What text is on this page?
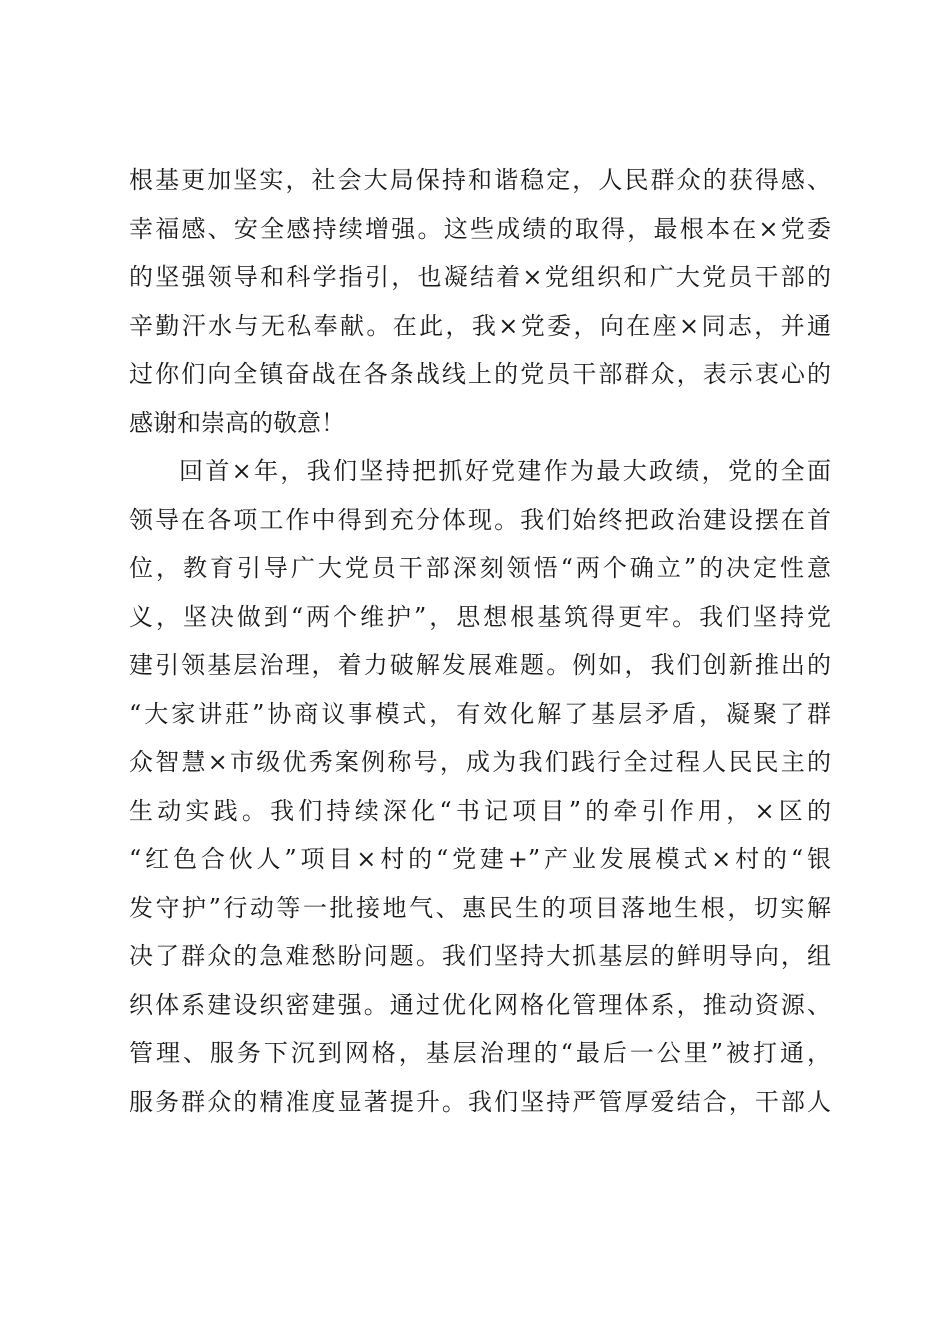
根基更加坚实，社会大局保持和谐稳定，人民群众的获得感、
幸福感、安全感持续增强。这些成绩的取得，最根本在×党委
的坚强领导和科学指引，也凝结着×党组织和广大党员干部的
辛勤汗水与无私奉献。在此，我×党委，向在座×同志，并通
过你们向全镇奋战在各条战线上的党员干部群众，表示衷心的
感谢和崇高的敬意！
回首×年，我们坚持把抓好党建作为最大政绩，党的全面
领导在各项工作中得到充分体现。我们始终把政治建设摆在首
位，教育引导广大党员干部深刻领悟“两个确立”的决定性意
义，坚决做到“两个维护”，思想根基筑得更牢。我们坚持党
建引领基层治理，着力破解发展难题。例如，我们创新推出的
“大家讲莊”协商议事模式，有效化解了基层矛盾，凝聚了群
众智慧×市级优秀案例称号，成为我们践行全过程人民民主的
生动实践。我们持续深化“书记项目”的牵引作用，×区的
“红色合伙人”项目×村的“党建+”产业发展模式×村的“银
发守护”行动等一批接地气、惠民生的项目落地生根，切实解
决了群众的急难愁盼问题。我们坚持大抓基层的鲜明导向，组
织体系建设织密建强。通过优化网格化管理体系，推动资源、
管理、服务下沉到网格，基层治理的“最后一公里”被打通，
服务群众的精准度显著提升。我们坚持严管厚爱结合，干部人
